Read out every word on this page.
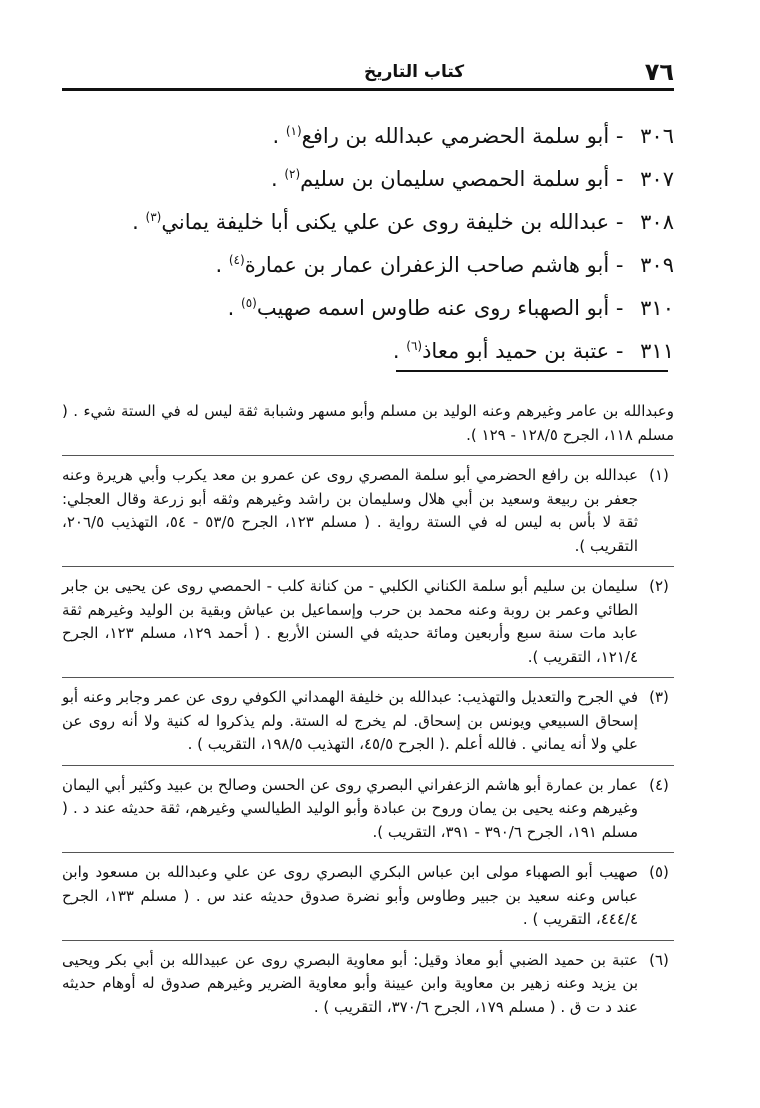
٧٦
كتاب التاريخ
٣٠٦ - أبو سلمة الحضرمي عبدالله بن رافع$^{(١)}$ .
٣٠٧ - أبو سلمة الحمصي سليمان بن سليم$^{(٢)}$ .
٣٠٨ - عبدالله بن خليفة روى عن علي يكنى أبا خليفة يماني$^{(٣)}$ .
٣٠٩ - أبو هاشم صاحب الزعفران عمار بن عمارة$^{(٤)}$ .
٣١٠ - أبو الصهباء روى عنه طاوس اسمه صهيب$^{(٥)}$ .
٣١١ - عتبة بن حميد أبو معاذ$^{(٦)}$ .
وعبدالله بن عامر وغيرهم وعنه الوليد بن مسلم وأبو مسهر وشبابة ثقة ليس له في الستة شيء . ( مسلم ١١٨، الجرح ١٢٨/٥ - ١٢٩ ).
(١)
عبدالله بن رافع الحضرمي أبو سلمة المصري روى عن عمرو بن معد يكرب وأبي هريرة وعنه جعفر بن ربيعة وسعيد بن أبي هلال وسليمان بن راشد وغيرهم وثقه أبو زرعة وقال العجلي: ثقة لا بأس به ليس له في الستة رواية . ( مسلم ١٢٣، الجرح ٥٣/٥ - ٥٤، التهذيب ٢٠٦/٥، التقريب ).
(٢)
سليمان بن سليم أبو سلمة الكناني الكلبي - من كنانة كلب - الحمصي روى عن يحيى بن جابر الطائي وعمر بن روبة وعنه محمد بن حرب وإسماعيل بن عياش وبقية بن الوليد وغيرهم ثقة عابد مات سنة سبع وأربعين ومائة حديثه في السنن الأربع . ( أحمد ١٢٩، مسلم ١٢٣، الجرح ١٢١/٤، التقريب ).
(٣)
في الجرح والتعديل والتهذيب: عبدالله بن خليفة الهمداني الكوفي روى عن عمر وجابر وعنه أبو إسحاق السبيعي ويونس بن إسحاق. لم يخرج له الستة. ولم يذكروا له كنية ولا أنه روى عن علي ولا أنه يماني . فالله أعلم .( الجرح ٤٥/٥، التهذيب ١٩٨/٥، التقريب ) .
(٤)
عمار بن عمارة أبو هاشم الزعفراني البصري روى عن الحسن وصالح بن عبيد وكثير أبي اليمان وغيرهم وعنه يحيى بن يمان وروح بن عبادة وأبو الوليد الطيالسي وغيرهم، ثقة حديثه عند د . ( مسلم ١٩١، الجرح ٣٩٠/٦ - ٣٩١، التقريب ).
(٥)
صهيب أبو الصهباء مولى ابن عباس البكري البصري روى عن علي وعبدالله بن مسعود وابن عباس وعنه سعيد بن جبير وطاوس وأبو نضرة صدوق حديثه عند س . ( مسلم ١٣٣، الجرح ٤٤٤/٤، التقريب ) .
(٦)
عتبة بن حميد الضبي أبو معاذ وقيل: أبو معاوية البصري روى عن عبيدالله بن أبي بكر ويحيى بن يزيد وعنه زهير بن معاوية وابن عيينة وأبو معاوية الضرير وغيرهم صدوق له أوهام حديثه عند د ت ق . ( مسلم ١٧٩، الجرح ٣٧٠/٦، التقريب ) .
